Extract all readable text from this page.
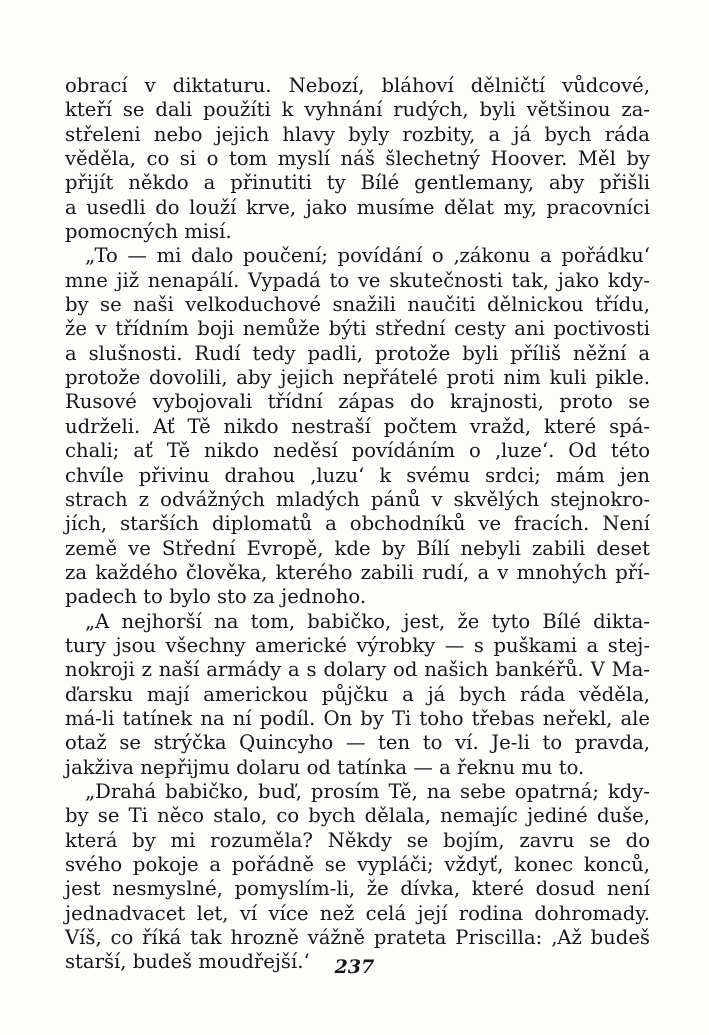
obrací v diktaturu. Nebozí, bláhoví dělničtí vůdcové,
kteří se dali použíti k vyhnání rudých, byli většinou za-
střeleni nebo jejich hlavy byly rozbity, a já bych ráda
věděla, co si o tom myslí náš šlechetný Hoover. Měl by
přijít někdo a přinutiti ty Bílé gentlemany, aby přišli
a usedli do louží krve, jako musíme dělat my, pracovníci
pomocných misí.
„To — mi dalo poučení; povídání o ‚zákonu a pořádku‘
mne již nenapálí. Vypadá to ve skutečnosti tak, jako kdy-
by se naši velkoduchové snažili naučiti dělnickou třídu,
že v třídním boji nemůže býti střední cesty ani poctivosti
a slušnosti. Rudí tedy padli, protože byli příliš něžní a
protože dovolili, aby jejich nepřátelé proti nim kuli pikle.
Rusové vybojovali třídní zápas do krajnosti, proto se
udrželi. Ať Tě nikdo nestraší počtem vražd, které spá-
chali; ať Tě nikdo neděsí povídáním o ‚luze‘. Od této
chvíle přivinu drahou ‚luzu‘ k svému srdci; mám jen
strach z odvážných mladých pánů v skvělých stejnokro-
jích, starších diplomatů a obchodníků ve fracích. Není
země ve Střední Evropě, kde by Bílí nebyli zabili deset
za každého člověka, kterého zabili rudí, a v mnohých pří-
padech to bylo sto za jednoho.
„A nejhorší na tom, babičko, jest, že tyto Bílé dikta-
tury jsou všechny americké výrobky — s puškami a stej-
nokroji z naší armády a s dolary od našich bankéřů. V Ma-
ďarsku mají americkou půjčku a já bych ráda věděla,
má-li tatínek na ní podíl. On by Ti toho třebas neřekl, ale
otaž se strýčka Quincyho — ten to ví. Je-li to pravda,
jakživa nepřijmu dolaru od tatínka — a řeknu mu to.
„Drahá babičko, buď, prosím Tě, na sebe opatrná; kdy-
by se Ti něco stalo, co bych dělala, nemajíc jediné duše,
která by mi rozuměla? Někdy se bojím, zavru se do
svého pokoje a pořádně se vypláči; vždyť, konec konců,
jest nesmyslné, pomyslím-li, že dívka, které dosud není
jednadvacet let, ví více než celá její rodina dohromady.
Víš, co říká tak hrozně vážně prateta Priscilla: ‚Až budeš
starší, budeš moudřejší.‘	237
